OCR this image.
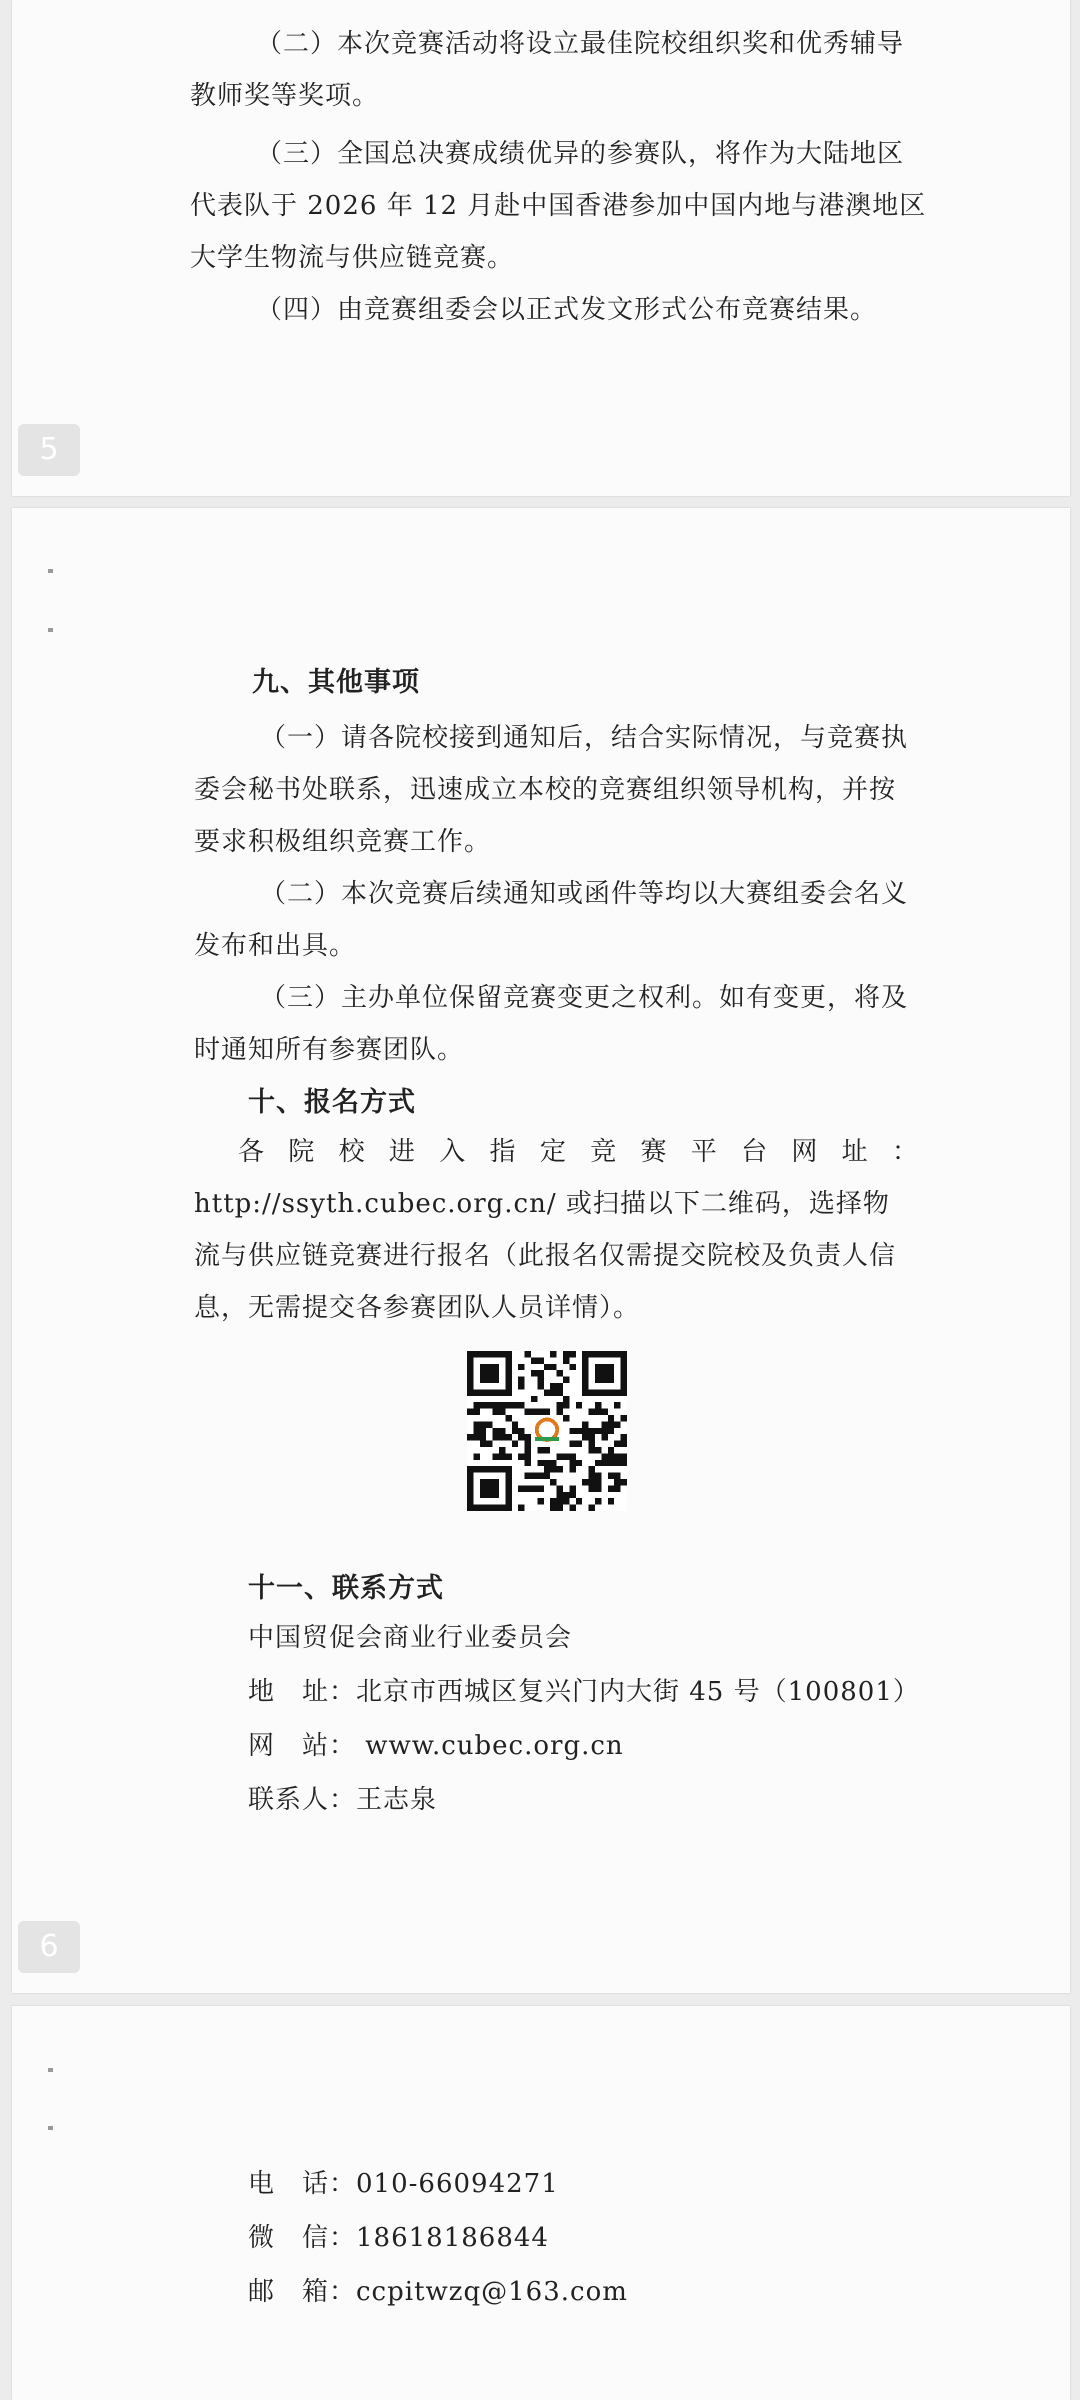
（二）本次竞赛活动将设立最佳院校组织奖和优秀辅导

教师奖等奖项。

（三）全国总决赛成绩优异的参赛队，将作为大陆地区

代表队于 2026 年 12 月赴中国香港参加中国内地与港澳地区

大学生物流与供应链竞赛。

（四）由竞赛组委会以正式发文形式公布竞赛结果。

5

九、其他事项

（一）请各院校接到通知后，结合实际情况，与竞赛执

委会秘书处联系，迅速成立本校的竞赛组织领导机构，并按

要求积极组织竞赛工作。

（二）本次竞赛后续通知或函件等均以大赛组委会名义

发布和出具。

（三）主办单位保留竞赛变更之权利。如有变更，将及

时通知所有参赛团队。

十、报名方式

各院校进入指定竞赛平台网址：

http://ssyth.cubec.org.cn/ 或扫描以下二维码，选择物

流与供应链竞赛进行报名（此报名仅需提交院校及负责人信

息，无需提交各参赛团队人员详情）。

十一、联系方式

中国贸促会商业行业委员会

地　址：北京市西城区复兴门内大街 45 号（100801）

网　站： www.cubec.org.cn

联系人：王志泉

6

电　话：010-66094271

微　信：18618186844

邮　箱：ccpitwzq@163.com
